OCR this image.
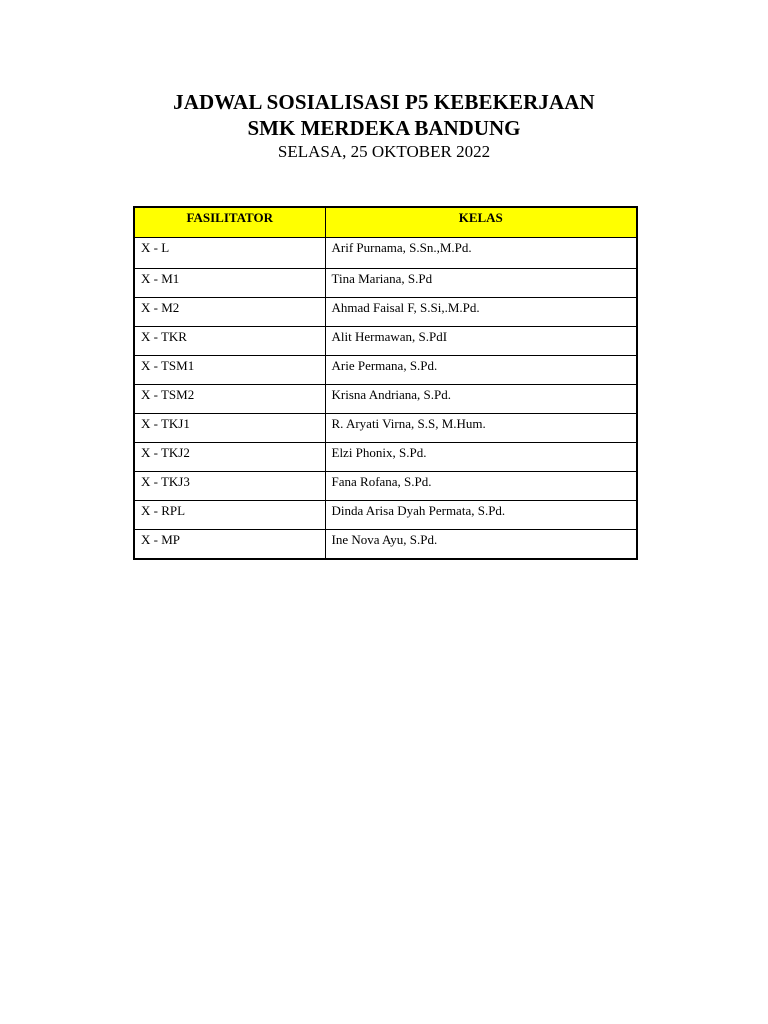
JADWAL SOSIALISASI P5 KEBEKERJAAN
SMK MERDEKA BANDUNG
SELASA, 25 OKTOBER 2022
FASILITATOR	KELAS
X - L	Arif Purnama, S.Sn.,M.Pd.
X - M1	Tina Mariana, S.Pd
X - M2	Ahmad Faisal F, S.Si,.M.Pd.
X - TKR	Alit Hermawan, S.PdI
X - TSM1	Arie Permana, S.Pd.
X - TSM2	Krisna Andriana, S.Pd.
X - TKJ1	R. Aryati Virna, S.S, M.Hum.
X - TKJ2	Elzi Phonix, S.Pd.
X - TKJ3	Fana Rofana, S.Pd.
X - RPL	Dinda Arisa Dyah Permata, S.Pd.
X - MP	Ine Nova Ayu, S.Pd.
